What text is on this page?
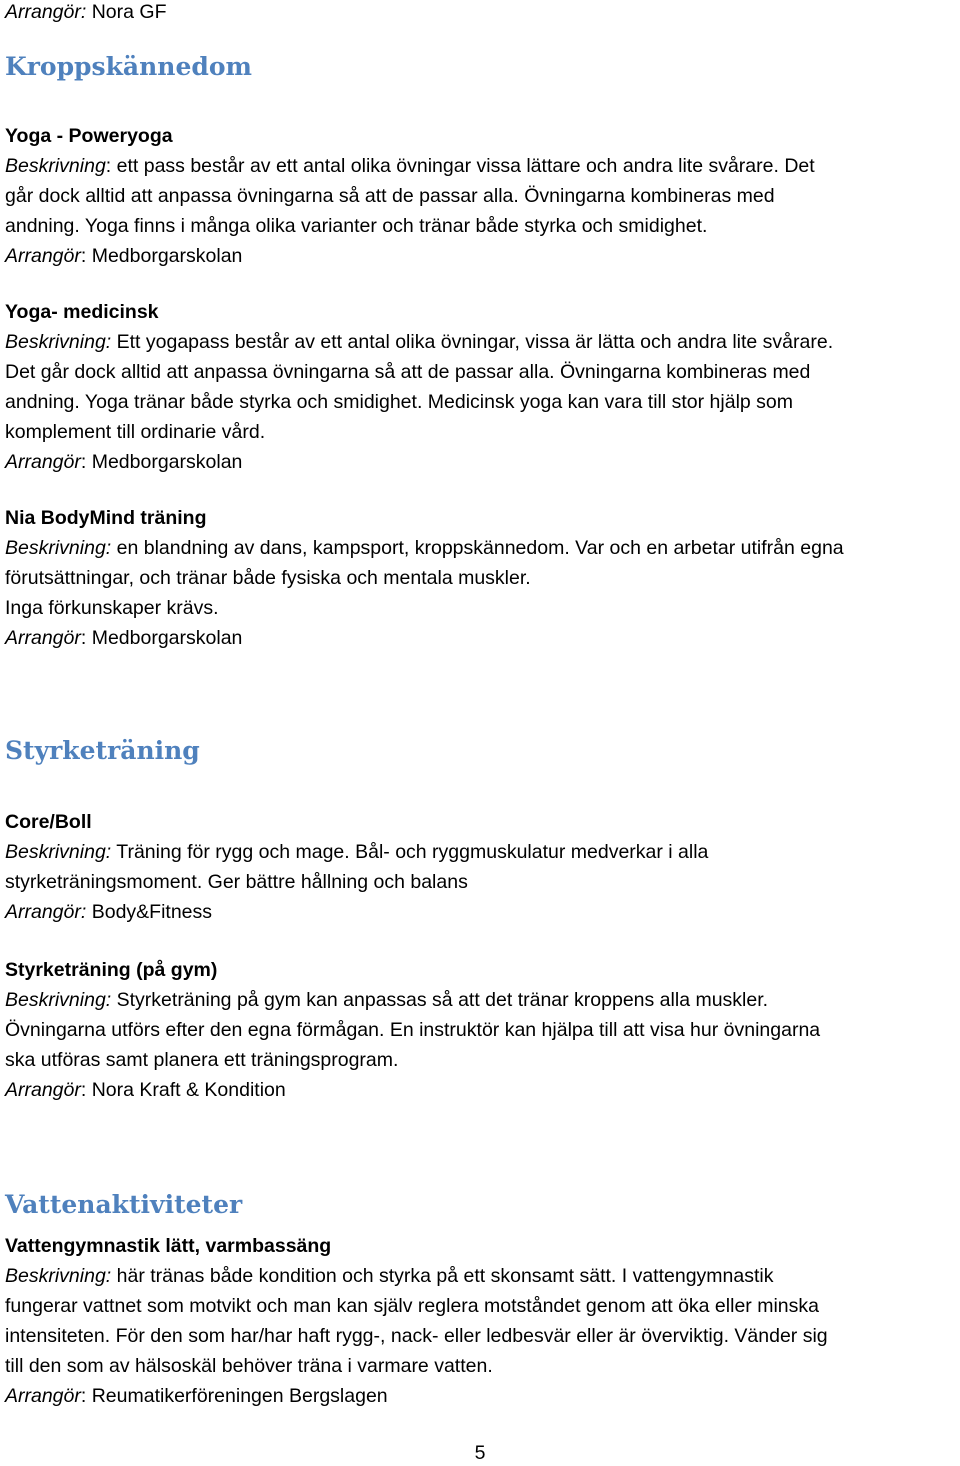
Arrangör: Nora GF
Kroppskännedom
Yoga - Poweryoga
Beskrivning: ett pass består av ett antal olika övningar vissa lättare och andra lite svårare. Det
går dock alltid att anpassa övningarna så att de passar alla. Övningarna kombineras med
andning. Yoga finns i många olika varianter och tränar både styrka och smidighet.
Arrangör: Medborgarskolan
Yoga- medicinsk
Beskrivning: Ett yogapass består av ett antal olika övningar, vissa är lätta och andra lite svårare.
Det går dock alltid att anpassa övningarna så att de passar alla. Övningarna kombineras med
andning. Yoga tränar både styrka och smidighet. Medicinsk yoga kan vara till stor hjälp som
komplement till ordinarie vård.
Arrangör: Medborgarskolan
Nia BodyMind träning
Beskrivning: en blandning av dans, kampsport, kroppskännedom. Var och en arbetar utifrån egna
förutsättningar, och tränar både fysiska och mentala muskler.
Inga förkunskaper krävs.
Arrangör: Medborgarskolan
Styrketräning
Core/Boll
Beskrivning: Träning för rygg och mage. Bål- och ryggmuskulatur medverkar i alla
styrketräningsmoment. Ger bättre hållning och balans
Arrangör: Body&Fitness
Styrketräning (på gym)
Beskrivning: Styrketräning på gym kan anpassas så att det tränar kroppens alla muskler.
Övningarna utförs efter den egna förmågan. En instruktör kan hjälpa till att visa hur övningarna
ska utföras samt planera ett träningsprogram.
Arrangör: Nora Kraft & Kondition
Vattenaktiviteter
Vattengymnastik lätt, varmbassäng
Beskrivning: här tränas både kondition och styrka på ett skonsamt sätt. I vattengymnastik
fungerar vattnet som motvikt och man kan själv reglera motståndet genom att öka eller minska
intensiteten. För den som har/har haft rygg-, nack- eller ledbesvär eller är överviktig. Vänder sig
till den som av hälsoskäl behöver träna i varmare vatten.
Arrangör: Reumatikerföreningen Bergslagen
5
